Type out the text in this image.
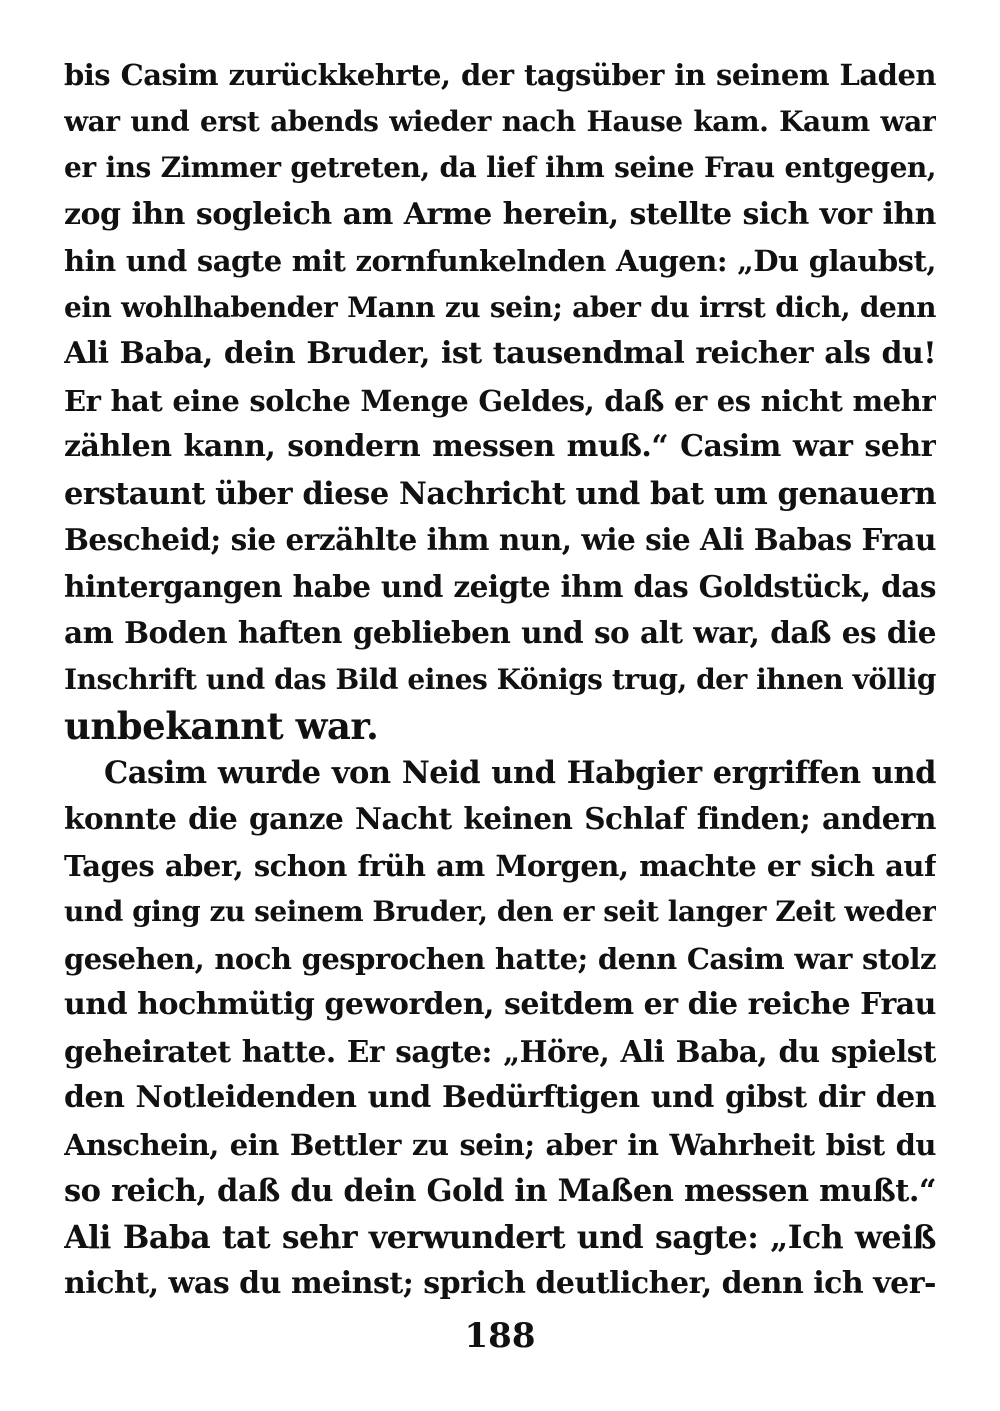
bis Casim zurückkehrte, der tagsüber in seinem Laden
war und erst abends wieder nach Hause kam. Kaum war
er ins Zimmer getreten, da lief ihm seine Frau entgegen,
zog ihn sogleich am Arme herein, stellte sich vor ihn
hin und sagte mit zornfunkelnden Augen: „Du glaubst,
ein wohlhabender Mann zu sein; aber du irrst dich, denn
Ali Baba, dein Bruder, ist tausendmal reicher als du!
Er hat eine solche Menge Geldes, daß er es nicht mehr
zählen kann, sondern messen muß.“ Casim war sehr
erstaunt über diese Nachricht und bat um genauern
Bescheid; sie erzählte ihm nun, wie sie Ali Babas Frau
hintergangen habe und zeigte ihm das Goldstück, das
am Boden haften geblieben und so alt war, daß es die
Inschrift und das Bild eines Königs trug, der ihnen völlig
unbekannt war.
Casim wurde von Neid und Habgier ergriffen und
konnte die ganze Nacht keinen Schlaf finden; andern
Tages aber, schon früh am Morgen, machte er sich auf
und ging zu seinem Bruder, den er seit langer Zeit weder
gesehen, noch gesprochen hatte; denn Casim war stolz
und hochmütig geworden, seitdem er die reiche Frau
geheiratet hatte. Er sagte: „Höre, Ali Baba, du spielst
den Notleidenden und Bedürftigen und gibst dir den
Anschein, ein Bettler zu sein; aber in Wahrheit bist du
so reich, daß du dein Gold in Maßen messen mußt.“
Ali Baba tat sehr verwundert und sagte: „Ich weiß
nicht, was du meinst; sprich deutlicher, denn ich ver-
188
